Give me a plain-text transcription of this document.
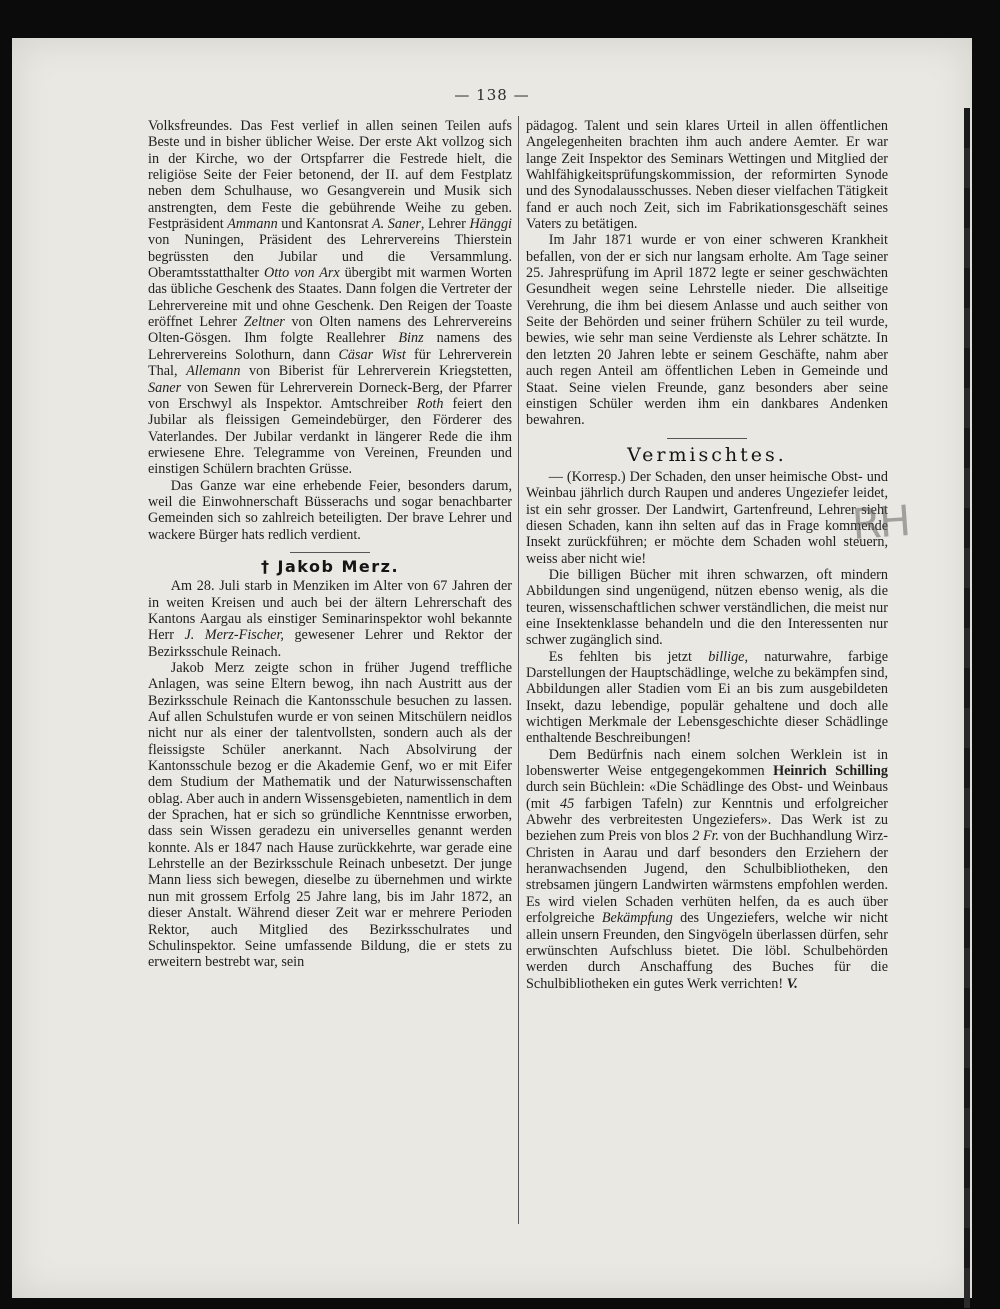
— 138 —

Volksfreundes. Das Fest verlief in allen seinen Teilen aufs Beste und in bisher üblicher Weise. Der erste Akt vollzog sich in der Kirche, wo der Ortspfarrer die Festrede hielt, die religiöse Seite der Feier betonend, der II. auf dem Festplatz neben dem Schulhause, wo Gesangverein und Musik sich anstrengten, dem Feste die gebührende Weihe zu geben. Festpräsident Ammann und Kantonsrat A. Saner, Lehrer Hänggi von Nuningen, Präsident des Lehrervereins Thierstein begrüssten den Jubilar und die Versammlung. Oberamtsstatthalter Otto von Arx übergibt mit warmen Worten das übliche Geschenk des Staates. Dann folgen die Vertreter der Lehrervereine mit und ohne Geschenk. Den Reigen der Toaste eröffnet Lehrer Zeltner von Olten namens des Lehrervereins Olten-Gösgen. Ihm folgte Reallehrer Binz namens des Lehrervereins Solothurn, dann Cäsar Wist für Lehrerverein Thal, Allemann von Biberist für Lehrerverein Kriegstetten, Saner von Sewen für Lehrerverein Dorneck-Berg, der Pfarrer von Erschwyl als Inspektor. Amtschreiber Roth feiert den Jubilar als fleissigen Gemeindebürger, den Förderer des Vaterlandes. Der Jubilar verdankt in längerer Rede die ihm erwiesene Ehre. Telegramme von Vereinen, Freunden und einstigen Schülern brachten Grüsse.

Das Ganze war eine erhebende Feier, besonders darum, weil die Einwohnerschaft Büsserachs und sogar benachbarter Gemeinden sich so zahlreich beteiligten. Der brave Lehrer und wackere Bürger hats redlich verdient.

† Jakob Merz.

Am 28. Juli starb in Menziken im Alter von 67 Jahren der in weiten Kreisen und auch bei der ältern Lehrerschaft des Kantons Aargau als einstiger Seminarinspektor wohl bekannte Herr J. Merz-Fischer, gewesener Lehrer und Rektor der Bezirksschule Reinach.

Jakob Merz zeigte schon in früher Jugend treffliche Anlagen, was seine Eltern bewog, ihn nach Austritt aus der Bezirksschule Reinach die Kantonsschule besuchen zu lassen. Auf allen Schulstufen wurde er von seinen Mitschülern neidlos nicht nur als einer der talentvollsten, sondern auch als der fleissigste Schüler anerkannt. Nach Absolvirung der Kantonsschule bezog er die Akademie Genf, wo er mit Eifer dem Studium der Mathematik und der Naturwissenschaften oblag. Aber auch in andern Wissensgebieten, namentlich in dem der Sprachen, hat er sich so gründliche Kenntnisse erworben, dass sein Wissen geradezu ein universelles genannt werden konnte. Als er 1847 nach Hause zurückkehrte, war gerade eine Lehrstelle an der Bezirksschule Reinach unbesetzt. Der junge Mann liess sich bewegen, dieselbe zu übernehmen und wirkte nun mit grossem Erfolg 25 Jahre lang, bis im Jahr 1872, an dieser Anstalt. Während dieser Zeit war er mehrere Perioden Rektor, auch Mitglied des Bezirksschulrates und Schulinspektor. Seine umfassende Bildung, die er stets zu erweitern bestrebt war, sein

pädagog. Talent und sein klares Urteil in allen öffentlichen Angelegenheiten brachten ihm auch andere Aemter. Er war lange Zeit Inspektor des Seminars Wettingen und Mitglied der Wahlfähigkeitsprüfungskommission, der reformirten Synode und des Synodalausschusses. Neben dieser vielfachen Tätigkeit fand er auch noch Zeit, sich im Fabrikationsgeschäft seines Vaters zu betätigen.

Im Jahr 1871 wurde er von einer schweren Krankheit befallen, von der er sich nur langsam erholte. Am Tage seiner 25. Jahresprüfung im April 1872 legte er seiner geschwächten Gesundheit wegen seine Lehrstelle nieder. Die allseitige Verehrung, die ihm bei diesem Anlasse und auch seither von Seite der Behörden und seiner frühern Schüler zu teil wurde, bewies, wie sehr man seine Verdienste als Lehrer schätzte. In den letzten 20 Jahren lebte er seinem Geschäfte, nahm aber auch regen Anteil am öffentlichen Leben in Gemeinde und Staat. Seine vielen Freunde, ganz besonders aber seine einstigen Schüler werden ihm ein dankbares Andenken bewahren.

Vermischtes.

— (Korresp.) Der Schaden, den unser heimische Obst- und Weinbau jährlich durch Raupen und anderes Ungeziefer leidet, ist ein sehr grosser. Der Landwirt, Gartenfreund, Lehrer sieht diesen Schaden, kann ihn selten auf das in Frage kommende Insekt zurückführen; er möchte dem Schaden wohl steuern, weiss aber nicht wie!

Die billigen Bücher mit ihren schwarzen, oft mindern Abbildungen sind ungenügend, nützen ebenso wenig, als die teuren, wissenschaftlichen schwer verständlichen, die meist nur eine Insektenklasse behandeln und die den Interessenten nur schwer zugänglich sind.

Es fehlten bis jetzt billige, naturwahre, farbige Darstellungen der Hauptschädlinge, welche zu bekämpfen sind, Abbildungen aller Stadien vom Ei an bis zum ausgebildeten Insekt, dazu lebendige, populär gehaltene und doch alle wichtigen Merkmale der Lebensgeschichte dieser Schädlinge enthaltende Beschreibungen!

Dem Bedürfnis nach einem solchen Werklein ist in lobenswerter Weise entgegengekommen Heinrich Schilling durch sein Büchlein: «Die Schädlinge des Obst- und Weinbaus (mit 45 farbigen Tafeln) zur Kenntnis und erfolgreicher Abwehr des verbreitesten Ungeziefers». Das Werk ist zu beziehen zum Preis von blos 2 Fr. von der Buchhandlung Wirz-Christen in Aarau und darf besonders den Erziehern der heranwachsenden Jugend, den Schulbibliotheken, den strebsamen jüngern Landwirten wärmstens empfohlen werden. Es wird vielen Schaden verhüten helfen, da es auch über erfolgreiche Bekämpfung des Ungeziefers, welche wir nicht allein unsern Freunden, den Singvögeln überlassen dürfen, sehr erwünschten Aufschluss bietet. Die löbl. Schulbehörden werden durch Anschaffung des Buches für die Schulbibliotheken ein gutes Werk verrichten! V.

RH
